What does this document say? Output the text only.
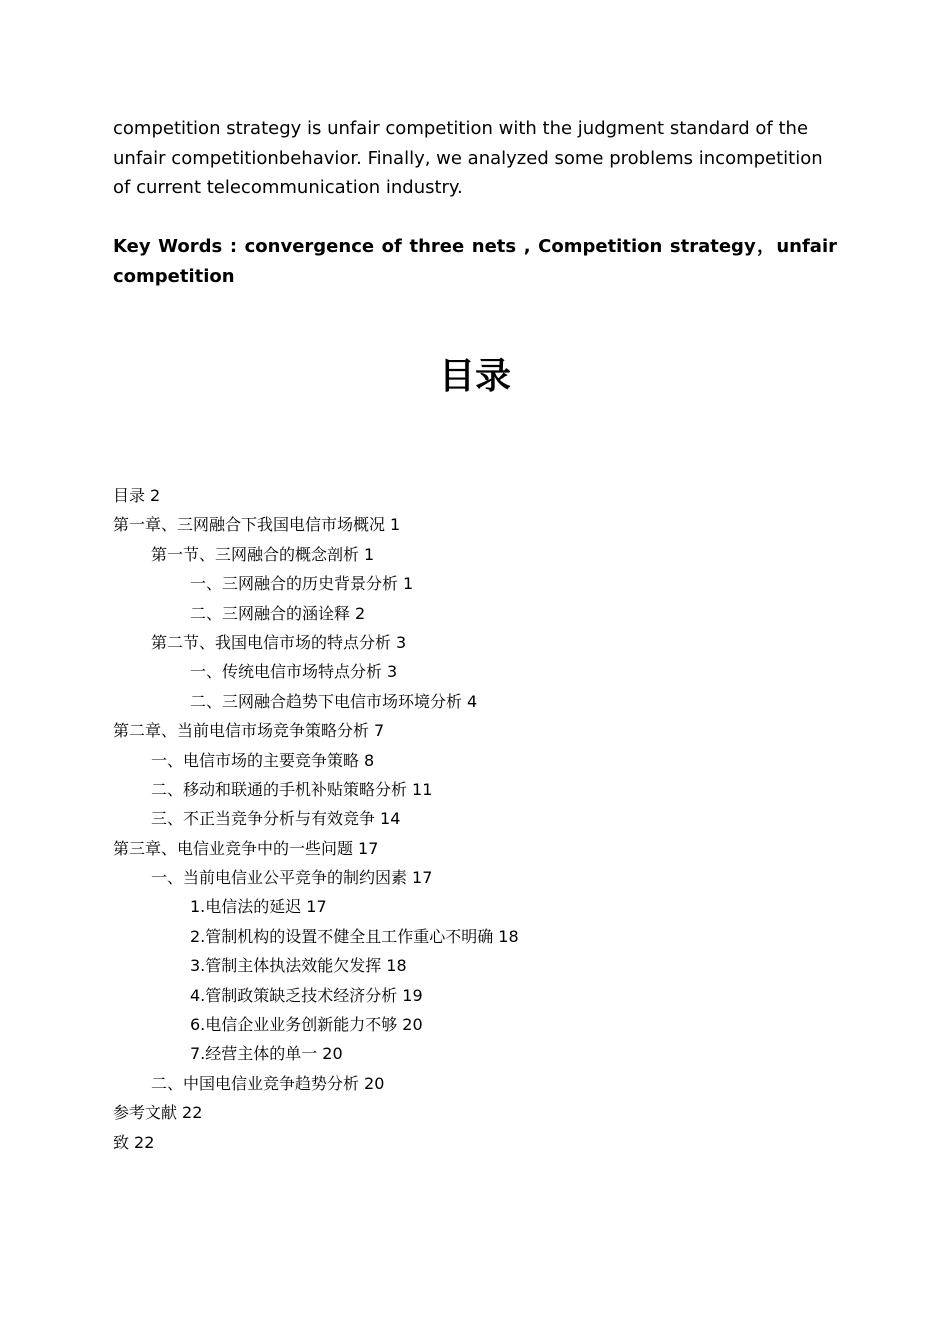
competition strategy is unfair competition with the judgment standard of the unfair competitionbehavior. Finally, we analyzed some problems incompetition of current telecommunication industry.

Key Words : convergence of three nets , Competition strategy，unfair competition

目录
目录 2
第一章、三网融合下我国电信市场概况 1
第一节、三网融合的概念剖析 1
一、三网融合的历史背景分析 1
二、三网融合的涵诠释 2
第二节、我国电信市场的特点分析 3
一、传统电信市场特点分析 3
二、三网融合趋势下电信市场环境分析 4
第二章、当前电信市场竞争策略分析 7
一、电信市场的主要竞争策略 8
二、移动和联通的手机补贴策略分析 11
三、不正当竞争分析与有效竞争 14
第三章、电信业竞争中的一些问题 17
一、当前电信业公平竞争的制约因素 17
1.电信法的延迟 17
2.管制机构的设置不健全且工作重心不明确 18
3.管制主体执法效能欠发挥 18
4.管制政策缺乏技术经济分析 19
6.电信企业业务创新能力不够 20
7.经营主体的单一 20
二、中国电信业竞争趋势分析 20
参考文献 22
致 22
